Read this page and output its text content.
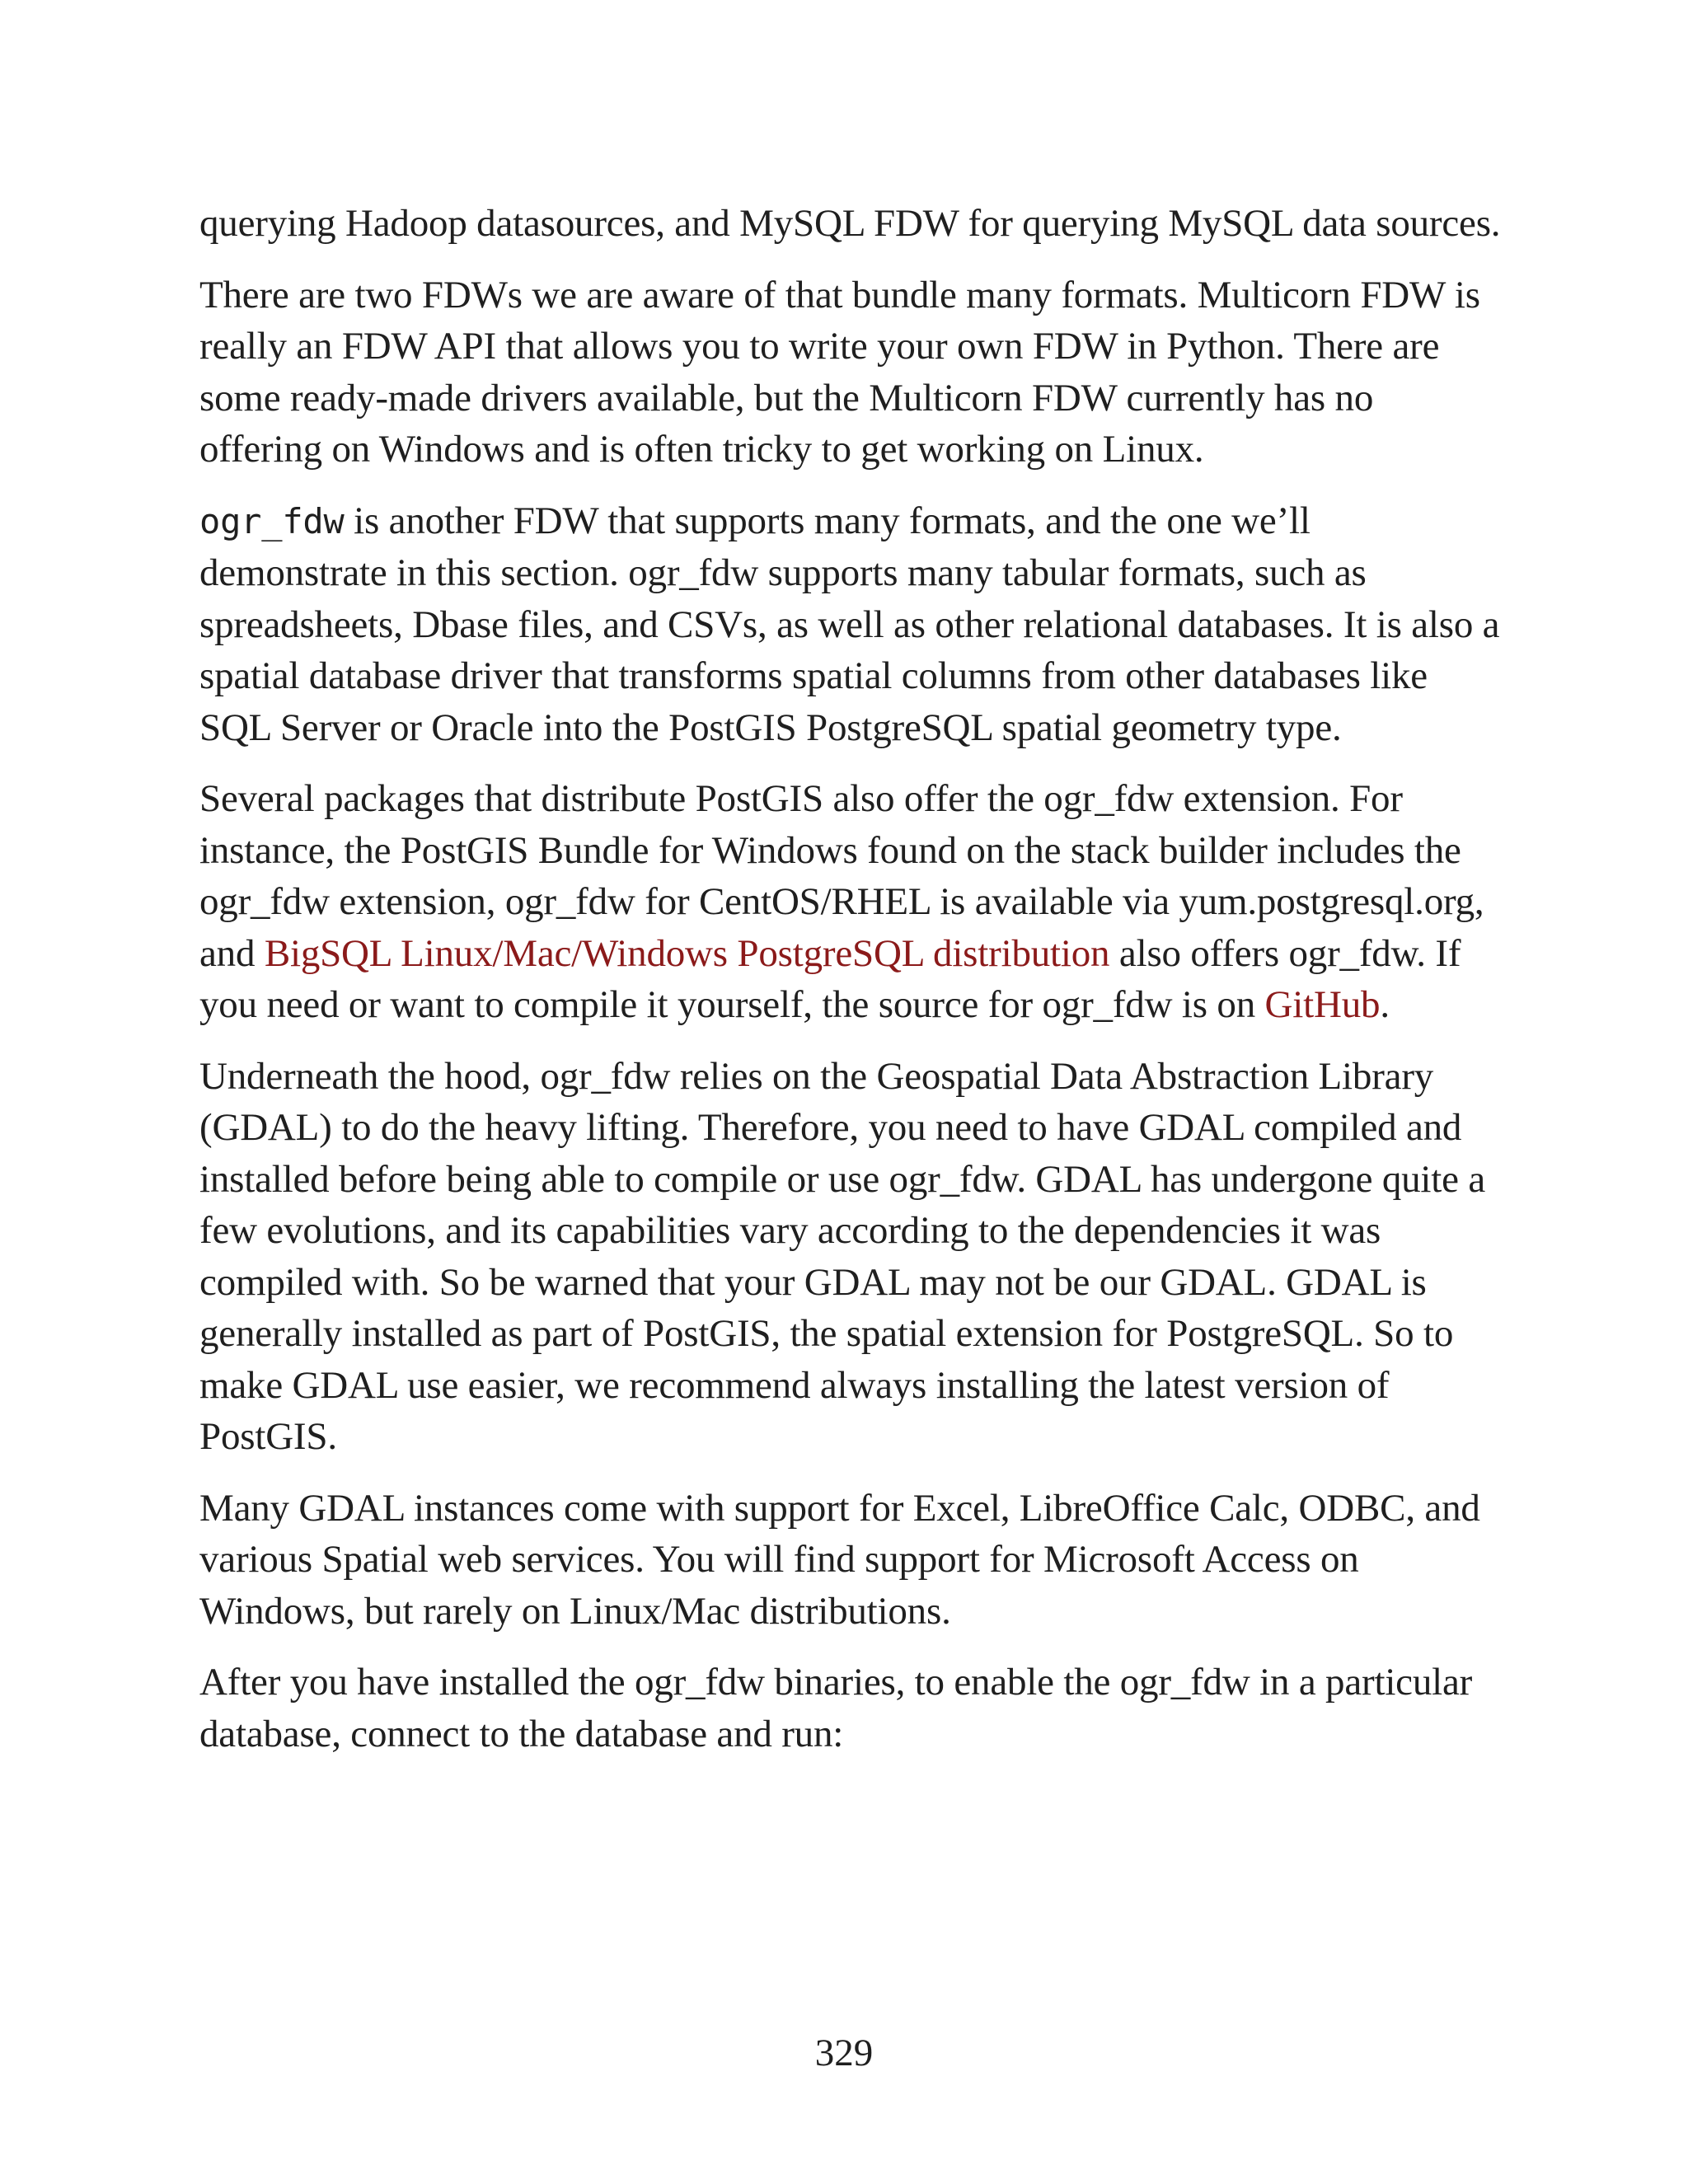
querying Hadoop datasources, and MySQL FDW for querying MySQL data sources.

There are two FDWs we are aware of that bundle many formats. Multicorn FDW is really an FDW API that allows you to write your own FDW in Python. There are some ready-made drivers available, but the Multicorn FDW currently has no offering on Windows and is often tricky to get working on Linux.

ogr_fdw is another FDW that supports many formats, and the one we’ll demonstrate in this section. ogr_fdw supports many tabular formats, such as spreadsheets, Dbase files, and CSVs, as well as other relational databases. It is also a spatial database driver that transforms spatial columns from other databases like SQL Server or Oracle into the PostGIS PostgreSQL spatial geometry type.

Several packages that distribute PostGIS also offer the ogr_fdw extension. For instance, the PostGIS Bundle for Windows found on the stack builder includes the ogr_fdw extension, ogr_fdw for CentOS/RHEL is available via yum.postgresql.org, and BigSQL Linux/Mac/Windows PostgreSQL distribution also offers ogr_fdw. If you need or want to compile it yourself, the source for ogr_fdw is on GitHub.

Underneath the hood, ogr_fdw relies on the Geospatial Data Abstraction Library (GDAL) to do the heavy lifting. Therefore, you need to have GDAL compiled and installed before being able to compile or use ogr_fdw. GDAL has undergone quite a few evolutions, and its capabilities vary according to the dependencies it was compiled with. So be warned that your GDAL may not be our GDAL. GDAL is generally installed as part of PostGIS, the spatial extension for PostgreSQL. So to make GDAL use easier, we recommend always installing the latest version of PostGIS.

Many GDAL instances come with support for Excel, LibreOffice Calc, ODBC, and various Spatial web services. You will find support for Microsoft Access on Windows, but rarely on Linux/Mac distributions.

After you have installed the ogr_fdw binaries, to enable the ogr_fdw in a particular database, connect to the database and run:

329
